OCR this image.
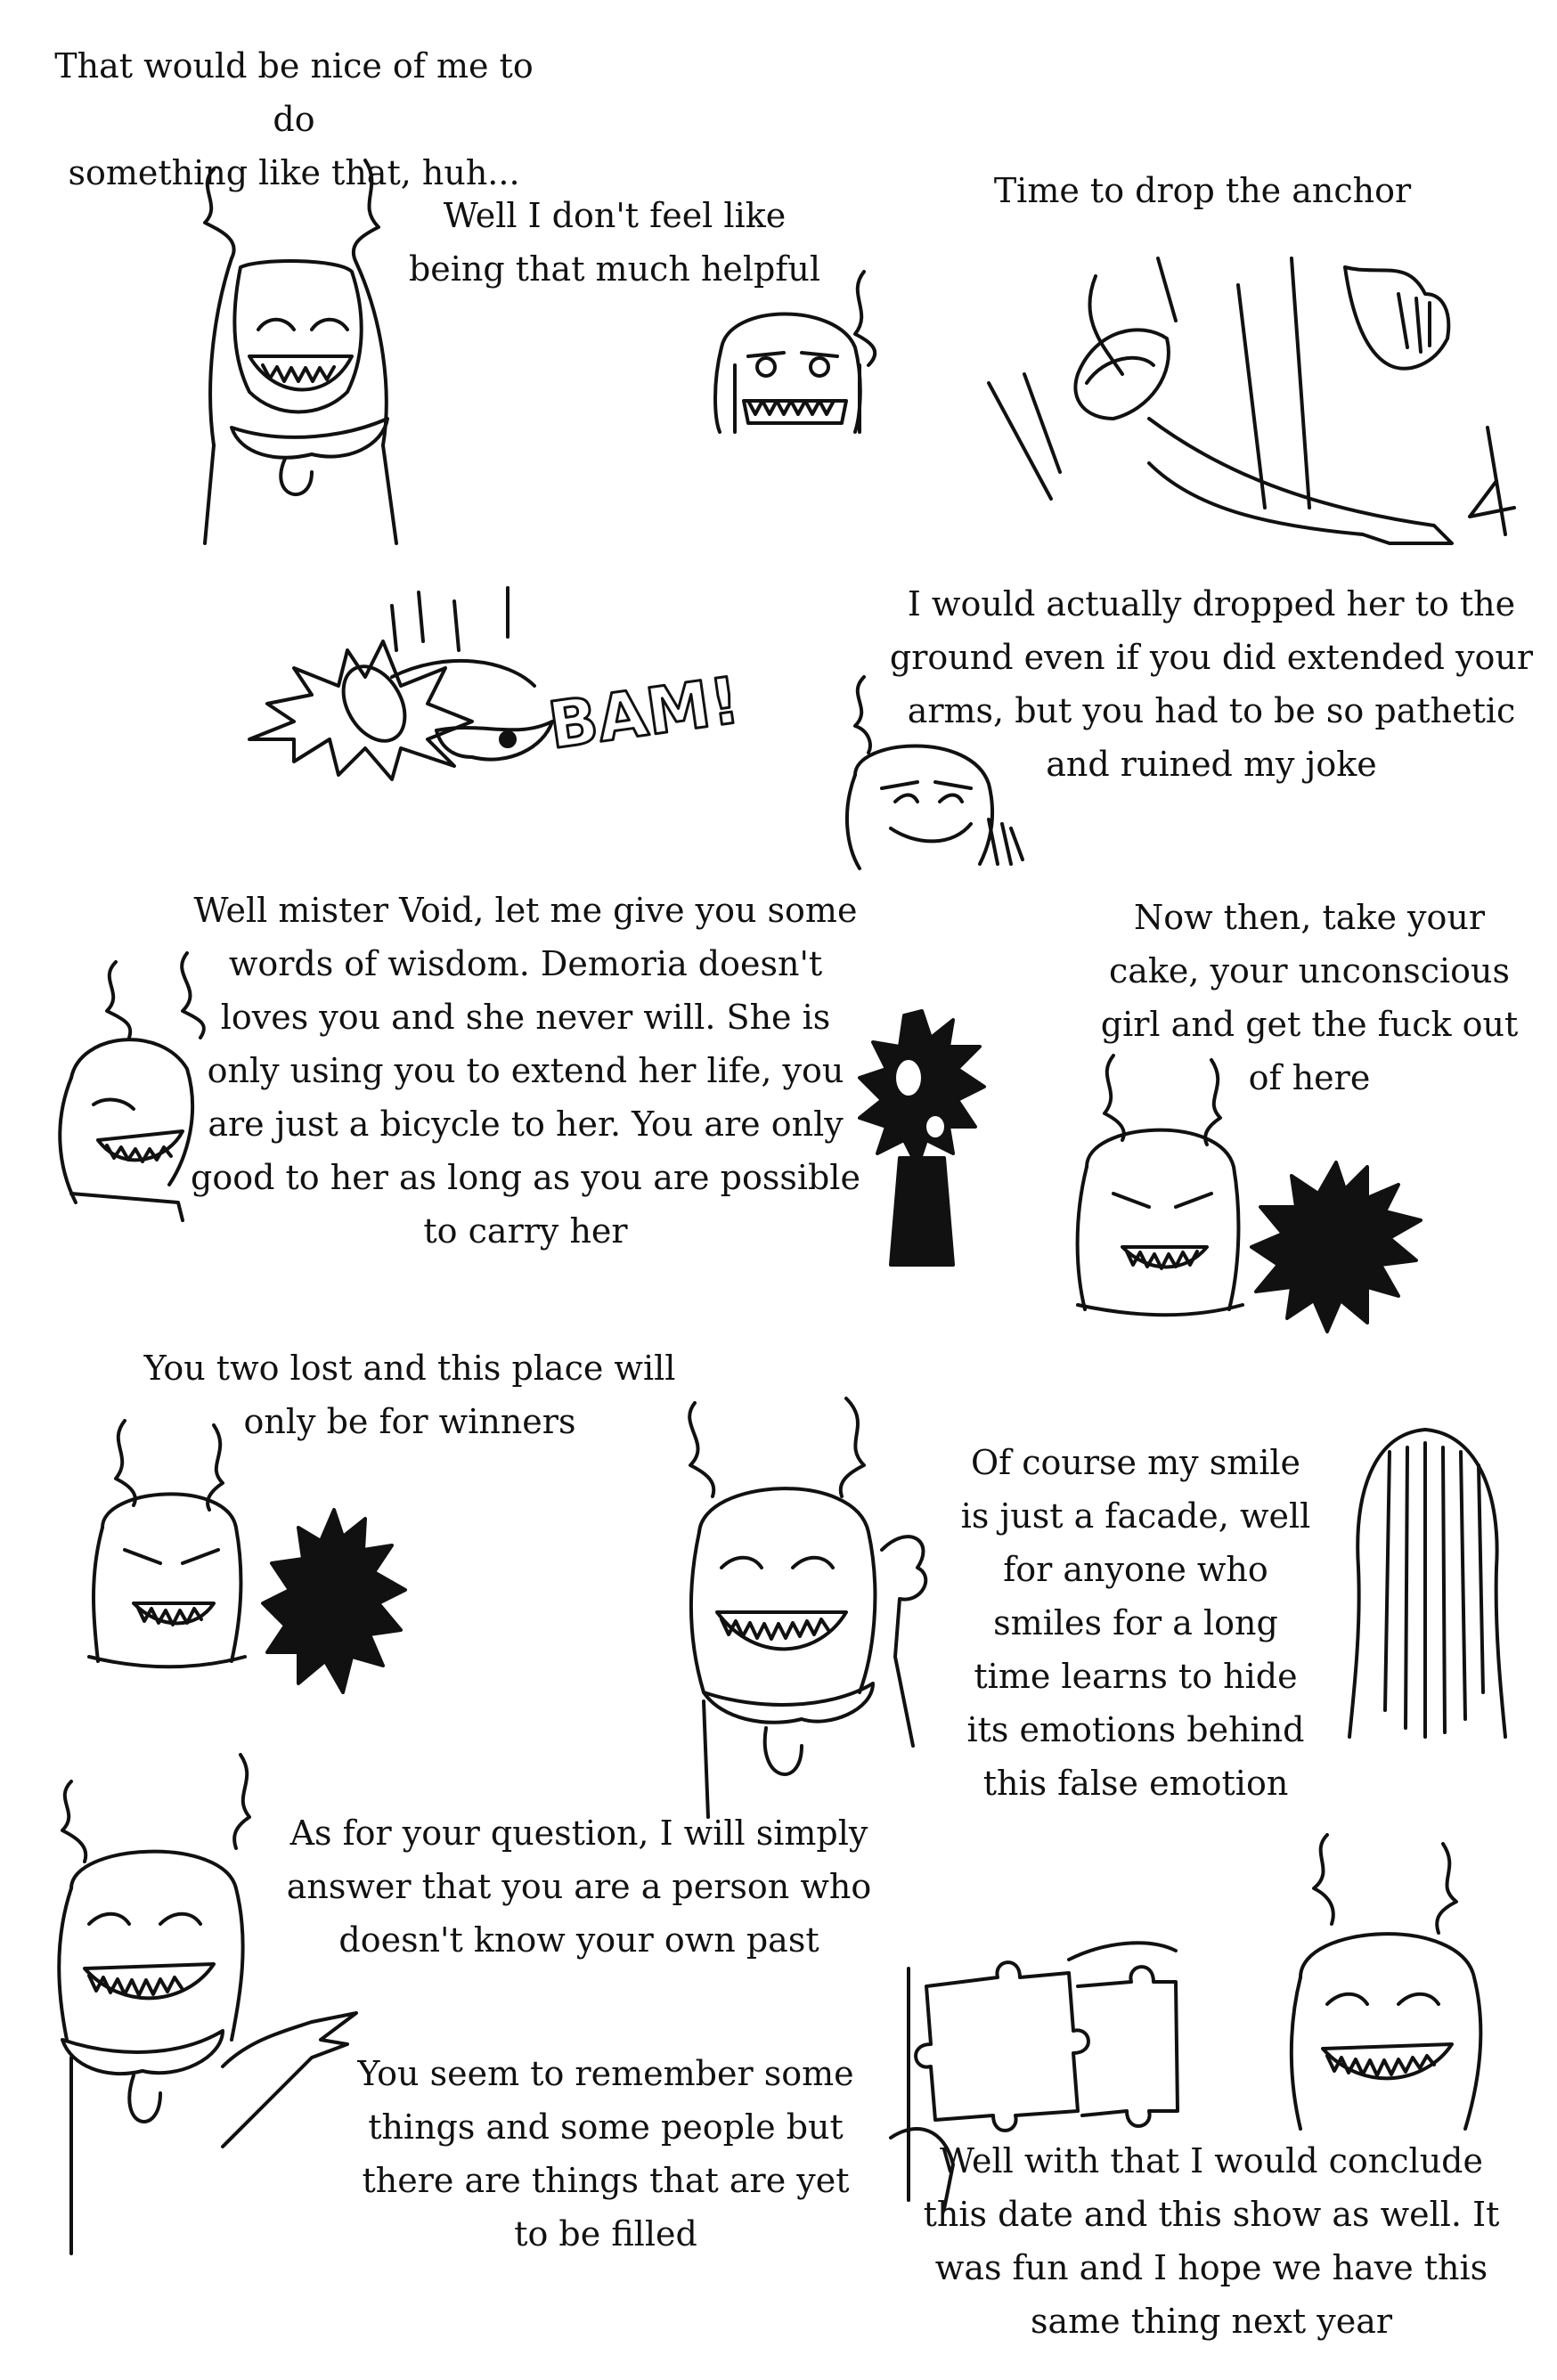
That would be nice of me to do
something like that, huh...
Well I don't feel like
being that much helpful
Time to drop the anchor
I would actually dropped her to the
ground even if you did extended your
arms, but you had to be so pathetic
and ruined my joke
Well mister Void, let me give you some
words of wisdom. Demoria doesn't
loves you and she never will. She is
only using you to extend her life, you
are just a bicycle to her. You are only
good to her as long as you are possible
to carry her
Now then, take your
cake, your unconscious
girl and get the fuck out
of here
You two lost and this place will
only be for winners
Of course my smile
is just a facade, well
for anyone who
smiles for a long
time learns to hide
its emotions behind
this false emotion
As for your question, I will simply
answer that you are a person who
doesn't know your own past
You seem to remember some
things and some people but
there are things that are yet
to be filled
Well with that I would conclude
this date and this show as well. It
was fun and I hope we have this
same thing next year
BAM!
